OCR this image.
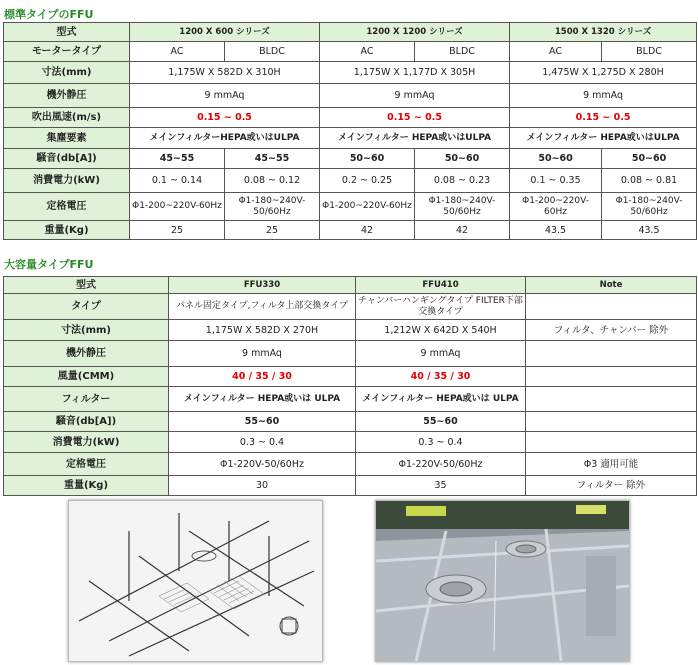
標準タイプのFFU
型式	1200 X 600 シリーズ		1200 X 1200 シリーズ		1500 X 1320 シリーズ	
モータータイプ	AC	BLDC	AC	BLDC	AC	BLDC
寸法(mm)	1,175W X 582D X 310H		1,175W X 1,177D X 305H		1,475W X 1,275D X 280H	
機外静圧	9 mmAq		9 mmAq		9 mmAq	
吹出風速(m/s)	0.15 ~ 0.5		0.15 ~ 0.5		0.15 ~ 0.5	
集塵要素	メインフィルターHEPA或いはULPA		メインフィルター HEPA或いはULPA		メインフィルター HEPA或いはULPA	
騒音(db[A])	45~55	45~55	50~60	50~60	50~60	50~60
消費電力(kW)	0.1 ~ 0.14	0.08 ~ 0.12	0.2 ~ 0.25	0.08 ~ 0.23	0.1 ~ 0.35	0.08 ~ 0.81
定格電圧	Φ1-200~220V-60Hz	Φ1-180~240V-50/60Hz	Φ1-200~220V-60Hz	Φ1-180~240V-50/60Hz	Φ1-200~220V-60Hz	Φ1-180~240V-50/60Hz
重量(Kg)	25	25	42	42	43.5	43.5
大容量タイプFFU
型式	FFU330	FFU410	Note
タイプ	パネル固定タイプ,フィルタ上部交換タイプ	チャンバーハンギングタイプ FILTER下部交換タイプ	
寸法(mm)	1,175W X 582D X 270H	1,212W X 642D X 540H	フィルタ、チャンバー 除外
機外静圧	9 mmAq	9 mmAq	
風量(CMM)	40 / 35 / 30	40 / 35 / 30	
フィルター	メインフィルター HEPA或いは ULPA	メインフィルター HEPA或いは ULPA	
騒音(db[A])	55~60	55~60	
消費電力(kW)	0.3 ~ 0.4	0.3 ~ 0.4	
定格電圧	Φ1-220V-50/60Hz	Φ1-220V-50/60Hz	Φ3 適用可能
重量(Kg)	30	35	フィルター 除外
